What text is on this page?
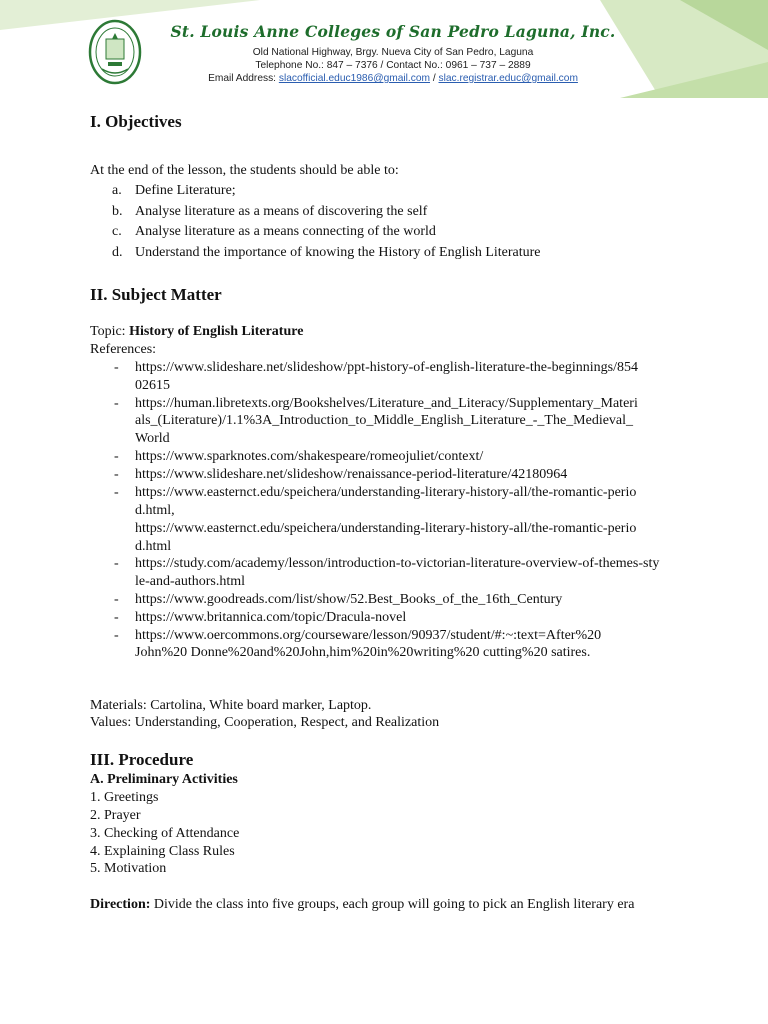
St. Louis Anne Colleges of San Pedro Laguna, Inc.
Old National Highway, Brgy. Nueva City of San Pedro, Laguna
Telephone No.: 847 – 7376 / Contact No.: 0961 – 737 – 2889
Email Address: slacofficial.educ1986@gmail.com / slac.registrar.educ@gmail.com
I. Objectives
At the end of the lesson, the students should be able to:
a. Define Literature;
b. Analyse literature as a means of discovering the self
c. Analyse literature as a means connecting of the world
d. Understand the importance of knowing the History of English Literature
II. Subject Matter
Topic: History of English Literature
References:
- https://www.slideshare.net/slideshow/ppt-history-of-english-literature-the-beginnings/854
02615
- https://human.libretexts.org/Bookshelves/Literature_and_Literacy/Supplementary_Materi
als_(Literature)/1.1%3A_Introduction_to_Middle_English_Literature_-_The_Medieval_
World
- https://www.sparknotes.com/shakespeare/romeojuliet/context/
- https://www.slideshare.net/slideshow/renaissance-period-literature/42180964
- https://www.easternct.edu/speichera/understanding-literary-history-all/the-romantic-perio
d.html,
https://www.easternct.edu/speichera/understanding-literary-history-all/the-romantic-perio
d.html
- https://study.com/academy/lesson/introduction-to-victorian-literature-overview-of-themes-sty
le-and-authors.html
- https://www.goodreads.com/list/show/52.Best_Books_of_the_16th_Century
- https://www.britannica.com/topic/Dracula-novel
- https://www.oercommons.org/courseware/lesson/90937/student/#:~:text=After%20
John%20 Donne%20and%20John,him%20in%20writing%20 cutting%20 satires.
Materials: Cartolina, White board marker, Laptop.
Values: Understanding, Cooperation, Respect, and Realization
III. Procedure
A. Preliminary Activities
1. Greetings
2. Prayer
3. Checking of Attendance
4. Explaining Class Rules
5. Motivation
Direction: Divide the class into five groups, each group will going to pick an English literary era
